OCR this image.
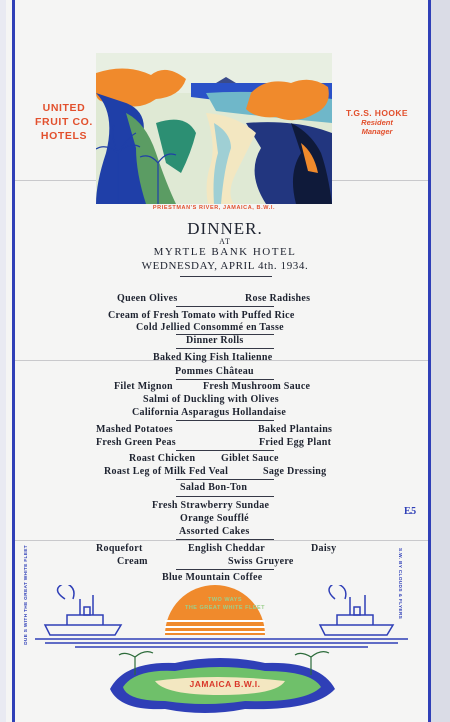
UNITED
FRUIT CO.
HOTELS
T.G.S. HOOKE
Resident
Manager
PRIESTMAN'S RIVER, JAMAICA, B.W.I.
DINNER.
AT
MYRTLE BANK HOTEL
WEDNESDAY, APRIL 4th. 1934.
Queen Olives	Rose Radishes
Cream of Fresh Tomato with Puffed Rice
Cold Jellied Consommé en Tasse
Dinner Rolls
Baked King Fish Italienne
Pommes Château
Filet Mignon	Fresh Mushroom Sauce
Salmi of Duckling with Olives
California Asparagus Hollandaise
Mashed Potatoes	Baked Plantains
Fresh Green Peas	Fried Egg Plant
Roast Chicken	Giblet Sauce
Roast Leg of Milk Fed Veal	Sage Dressing
Salad Bon-Ton
Fresh Strawberry Sundae
Orange Soufflé
Assorted Cakes
Roquefort	English Cheddar	Daisy
Cream	Swiss Gruyere
Blue Mountain Coffee
E.5
DUE S WITH THE GREAT WHITE FLEET	S.W. BY CLOUDS & FLYERS
TWO WAYS
THE GREAT WHITE FLEET
JAMAICA B.W.I.
